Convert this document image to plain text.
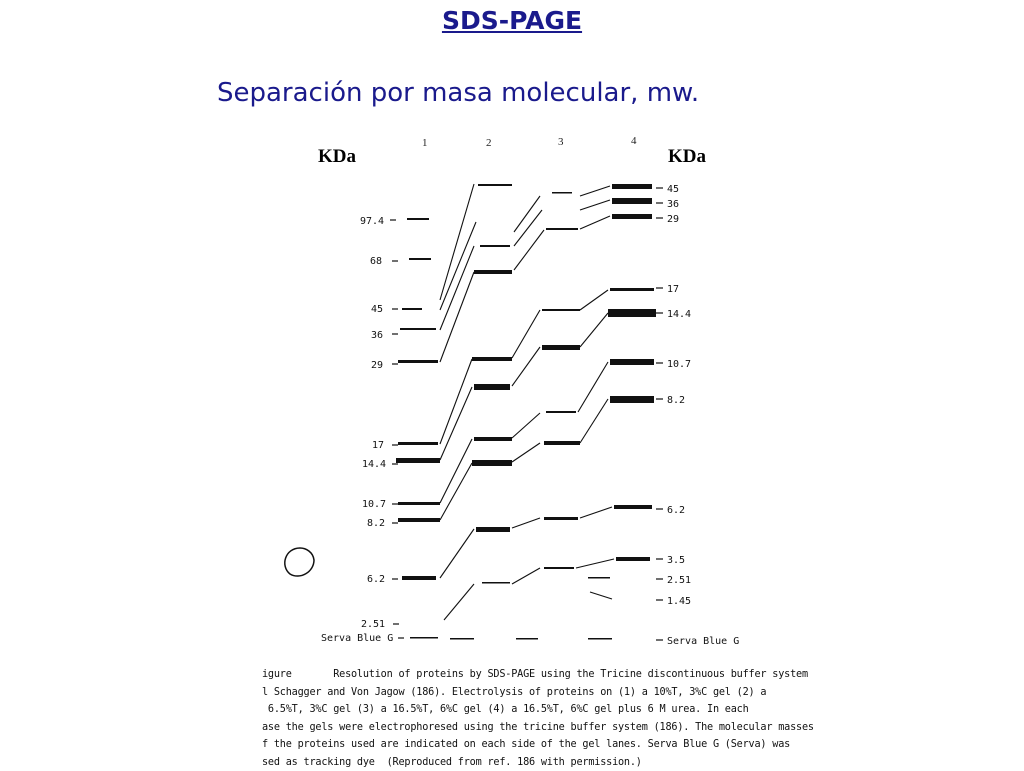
SDS-PAGE
Separación por masa molecular, mw.
KDa	KDa
1	2	3	4
97.4
68
45
36
29
17
14.4
10.7
8.2
6.2
2.51
Serva Blue G
45
36
29
17
14.4
10.7
8.2
6.2
3.5
2.51
1.45
Serva Blue G
igure       Resolution of proteins by SDS-PAGE using the Tricine discontinuous buffer system
l Schagger and Von Jagow (186). Electrolysis of proteins on (1) a 10%T, 3%C gel (2) a
6.5%T, 3%C gel (3) a 16.5%T, 6%C gel (4) a 16.5%T, 6%C gel plus 6 M urea. In each
ase the gels were electrophoresed using the tricine buffer system (186). The molecular masses
f the proteins used are indicated on each side of the gel lanes. Serva Blue G (Serva) was
sed as tracking dye  (Reproduced from ref. 186 with permission.)
